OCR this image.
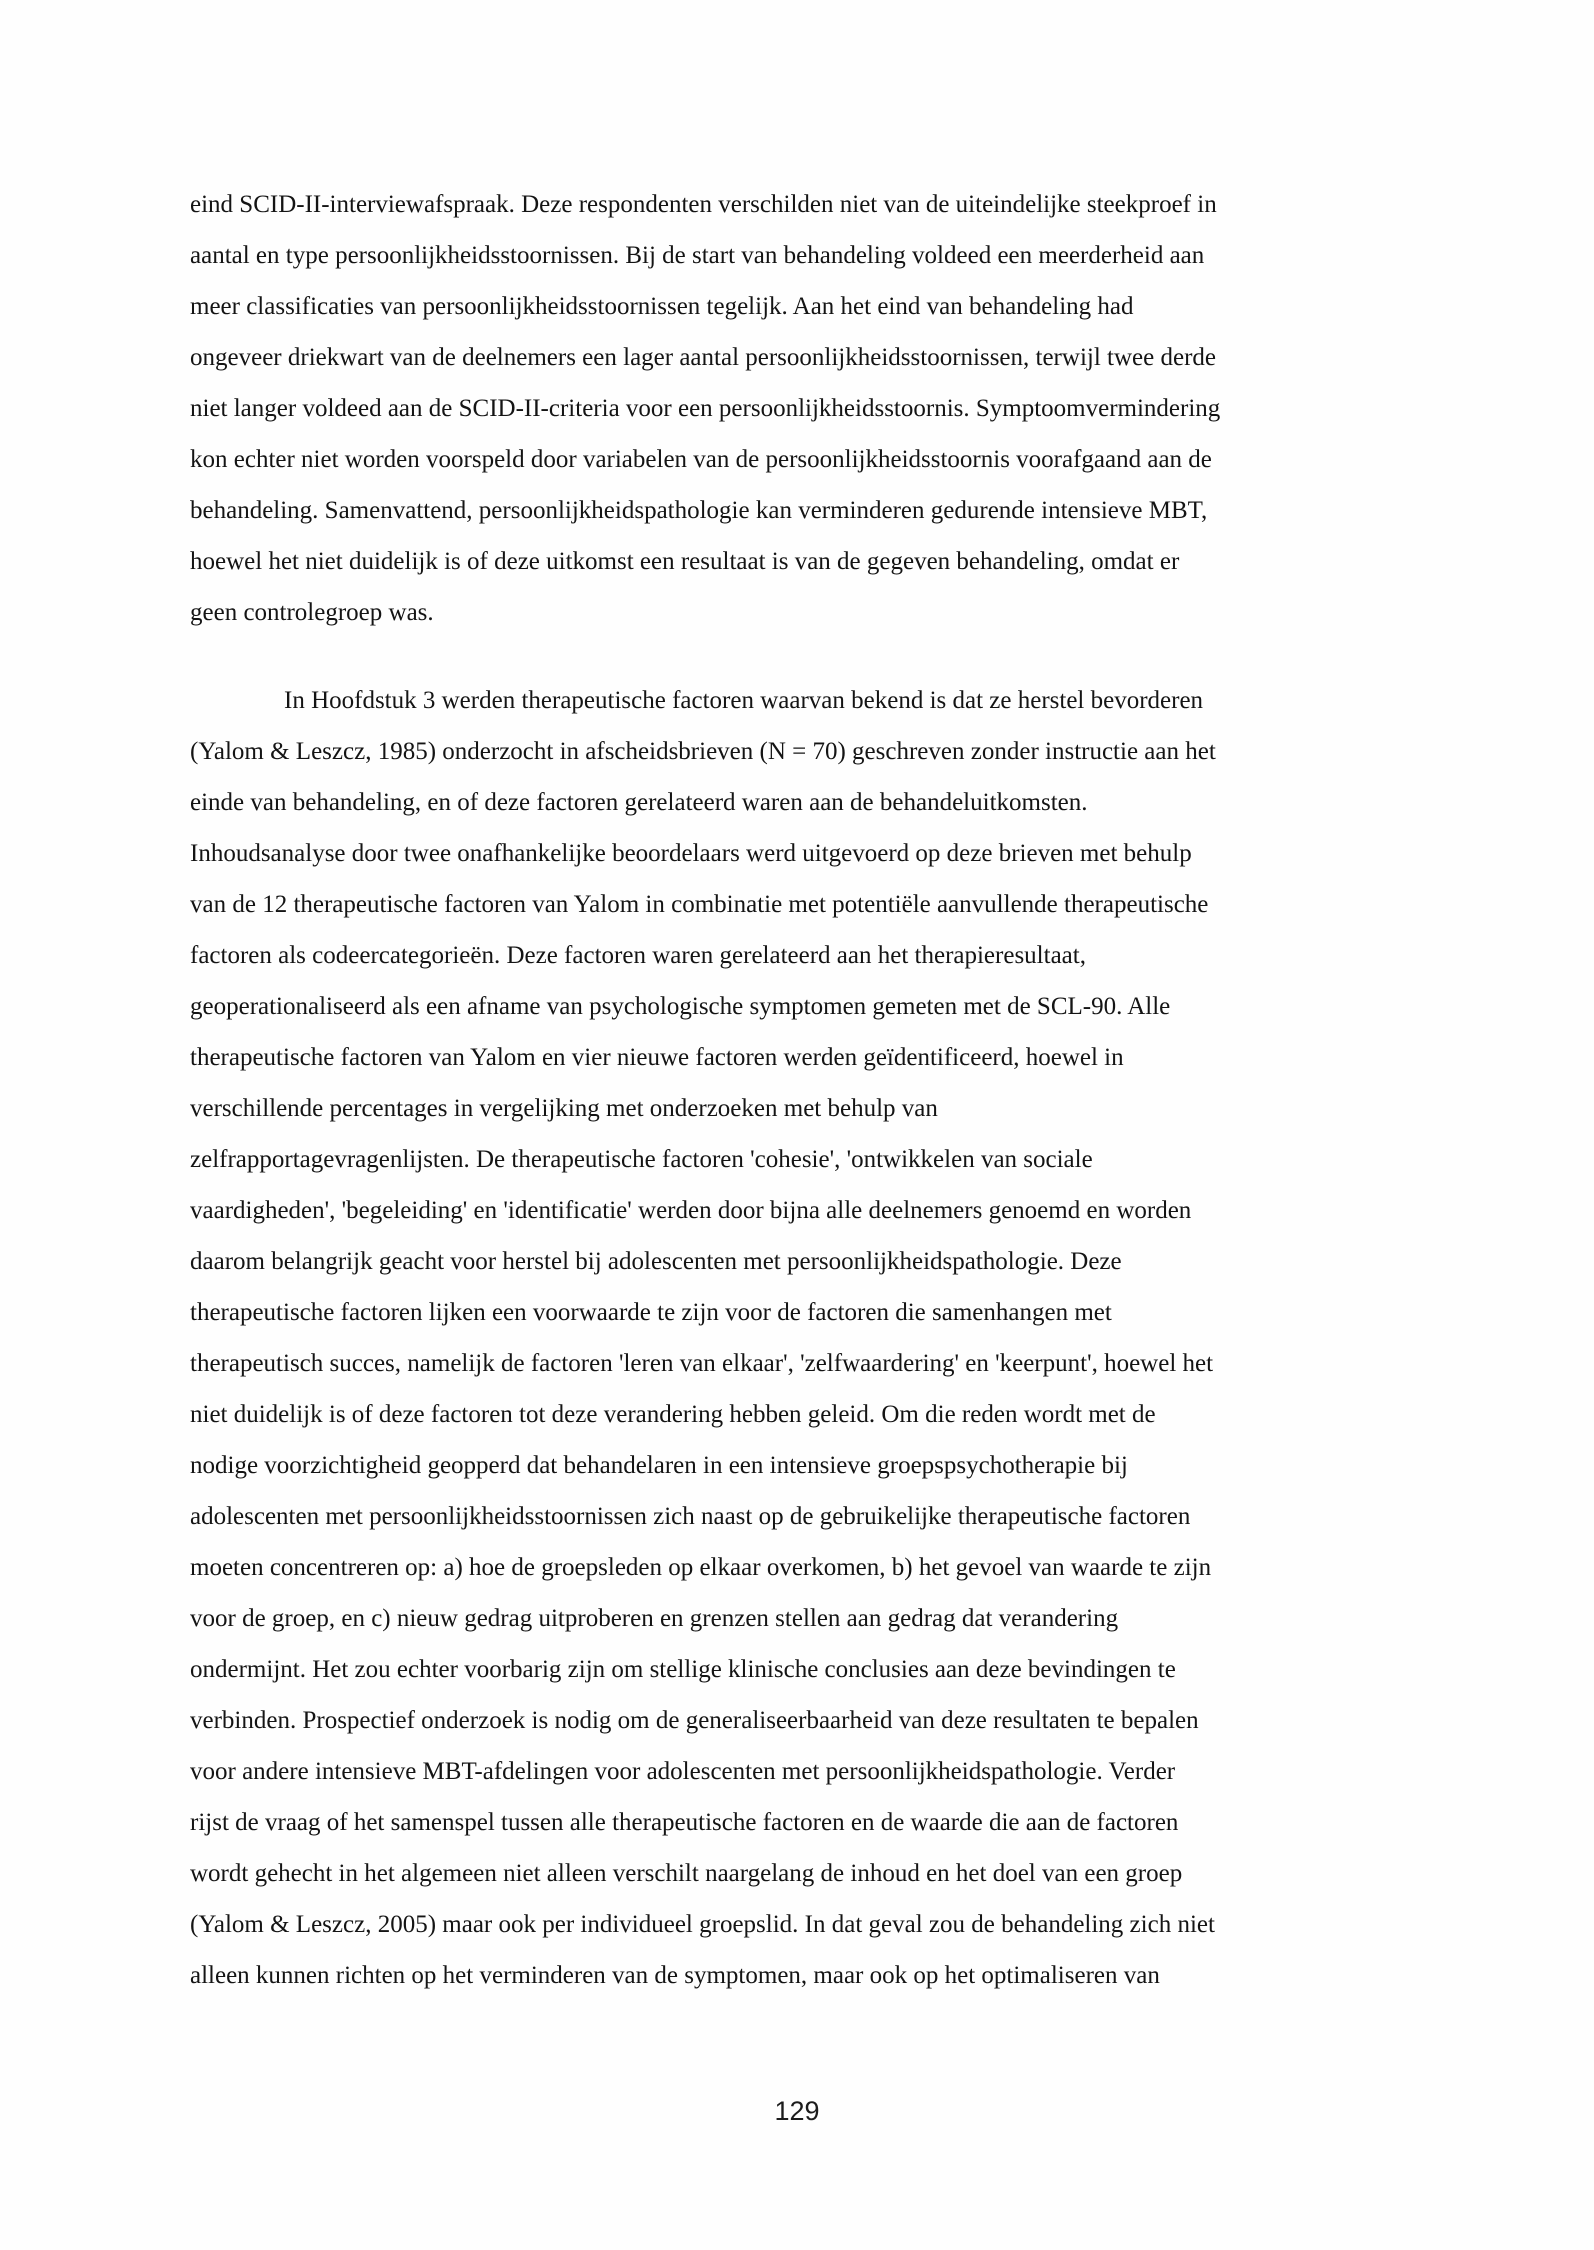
eind SCID-II-interviewafspraak. Deze respondenten verschilden niet van de uiteindelijke steekproef in
aantal en type persoonlijkheidsstoornissen. Bij de start van behandeling voldeed een meerderheid aan
meer classificaties van persoonlijkheidsstoornissen tegelijk. Aan het eind van behandeling had
ongeveer driekwart van de deelnemers een lager aantal persoonlijkheidsstoornissen, terwijl twee derde
niet langer voldeed aan de SCID-II-criteria voor een persoonlijkheidsstoornis. Symptoomvermindering
kon echter niet worden voorspeld door variabelen van de persoonlijkheidsstoornis voorafgaand aan de
behandeling. Samenvattend, persoonlijkheidspathologie kan verminderen gedurende intensieve MBT,
hoewel het niet duidelijk is of deze uitkomst een resultaat is van de gegeven behandeling, omdat er
geen controlegroep was.
In Hoofdstuk 3 werden therapeutische factoren waarvan bekend is dat ze herstel bevorderen
(Yalom & Leszcz, 1985) onderzocht in afscheidsbrieven (N = 70) geschreven zonder instructie aan het
einde van behandeling, en of deze factoren gerelateerd waren aan de behandeluitkomsten.
Inhoudsanalyse door twee onafhankelijke beoordelaars werd uitgevoerd op deze brieven met behulp
van de 12 therapeutische factoren van Yalom in combinatie met potentiële aanvullende therapeutische
factoren als codeercategorieën. Deze factoren waren gerelateerd aan het therapieresultaat,
geoperationaliseerd als een afname van psychologische symptomen gemeten met de SCL-90. Alle
therapeutische factoren van Yalom en vier nieuwe factoren werden geïdentificeerd, hoewel in
verschillende percentages in vergelijking met onderzoeken met behulp van
zelfrapportagevragenlijsten. De therapeutische factoren 'cohesie', 'ontwikkelen van sociale
vaardigheden', 'begeleiding' en 'identificatie' werden door bijna alle deelnemers genoemd en worden
daarom belangrijk geacht voor herstel bij adolescenten met persoonlijkheidspathologie. Deze
therapeutische factoren lijken een voorwaarde te zijn voor de factoren die samenhangen met
therapeutisch succes, namelijk de factoren 'leren van elkaar', 'zelfwaardering' en 'keerpunt', hoewel het
niet duidelijk is of deze factoren tot deze verandering hebben geleid. Om die reden wordt met de
nodige voorzichtigheid geopperd dat behandelaren in een intensieve groepspsychotherapie bij
adolescenten met persoonlijkheidsstoornissen zich naast op de gebruikelijke therapeutische factoren
moeten concentreren op: a) hoe de groepsleden op elkaar overkomen, b) het gevoel van waarde te zijn
voor de groep, en c) nieuw gedrag uitproberen en grenzen stellen aan gedrag dat verandering
ondermijnt. Het zou echter voorbarig zijn om stellige klinische conclusies aan deze bevindingen te
verbinden. Prospectief onderzoek is nodig om de generaliseerbaarheid van deze resultaten te bepalen
voor andere intensieve MBT-afdelingen voor adolescenten met persoonlijkheidspathologie. Verder
rijst de vraag of het samenspel tussen alle therapeutische factoren en de waarde die aan de factoren
wordt gehecht in het algemeen niet alleen verschilt naargelang de inhoud en het doel van een groep
(Yalom & Leszcz, 2005) maar ook per individueel groepslid. In dat geval zou de behandeling zich niet
alleen kunnen richten op het verminderen van de symptomen, maar ook op het optimaliseren van
129
